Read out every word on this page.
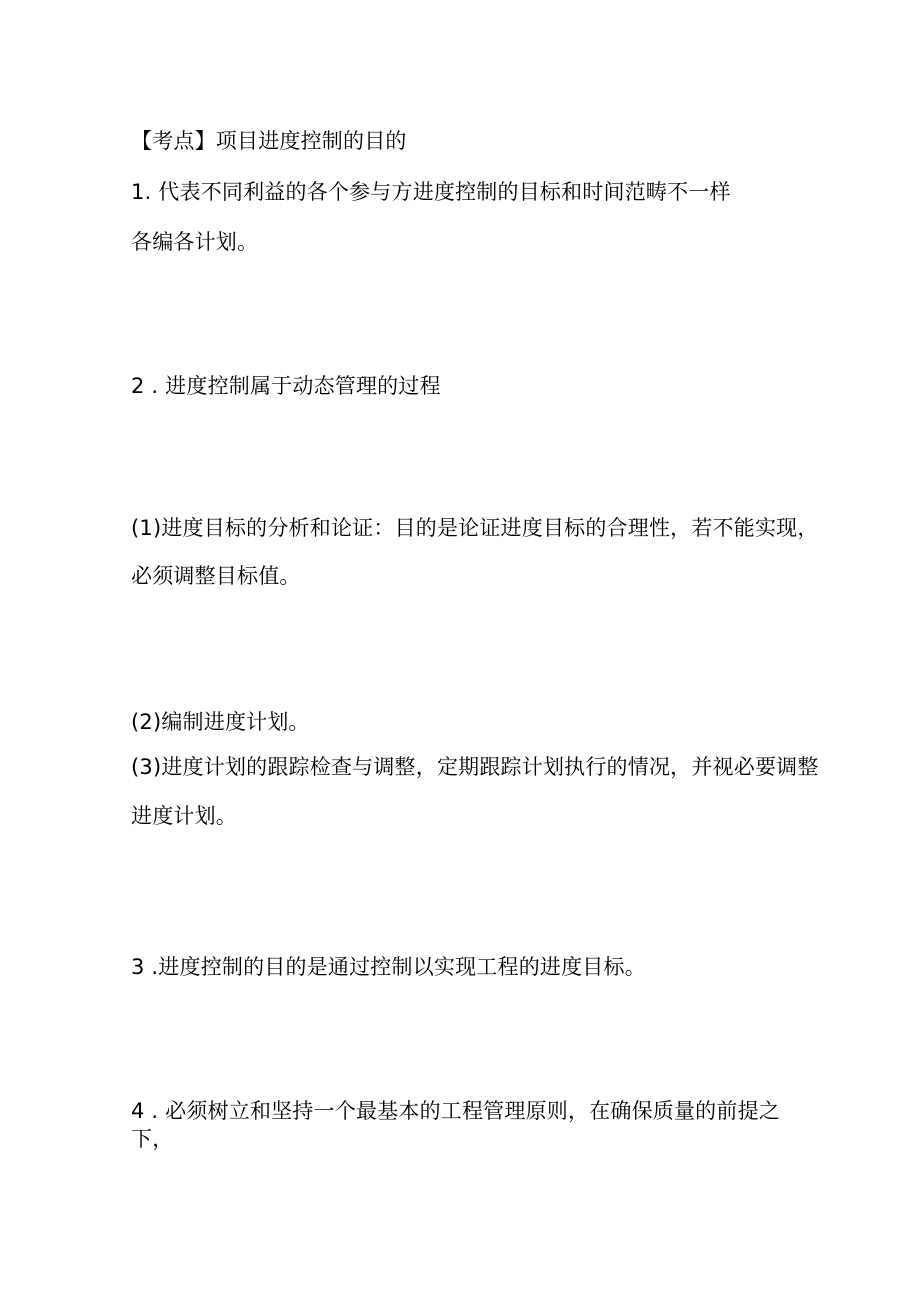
【考点】项目进度控制的目的

1. 代表不同利益的各个参与方进度控制的目标和时间范畴不一样

各编各计划。

2 . 进度控制属于动态管理的过程

(1)进度目标的分析和论证：目的是论证进度目标的合理性，若不能实现，

必须调整目标值。

(2)编制进度计划。

(3)进度计划的跟踪检查与调整，定期跟踪计划执行的情况，并视必要调整

进度计划。

3 .进度控制的目的是通过控制以实现工程的进度目标。

4 . 必须树立和坚持一个最基本的工程管理原则，在确保质量的前提之

下，
